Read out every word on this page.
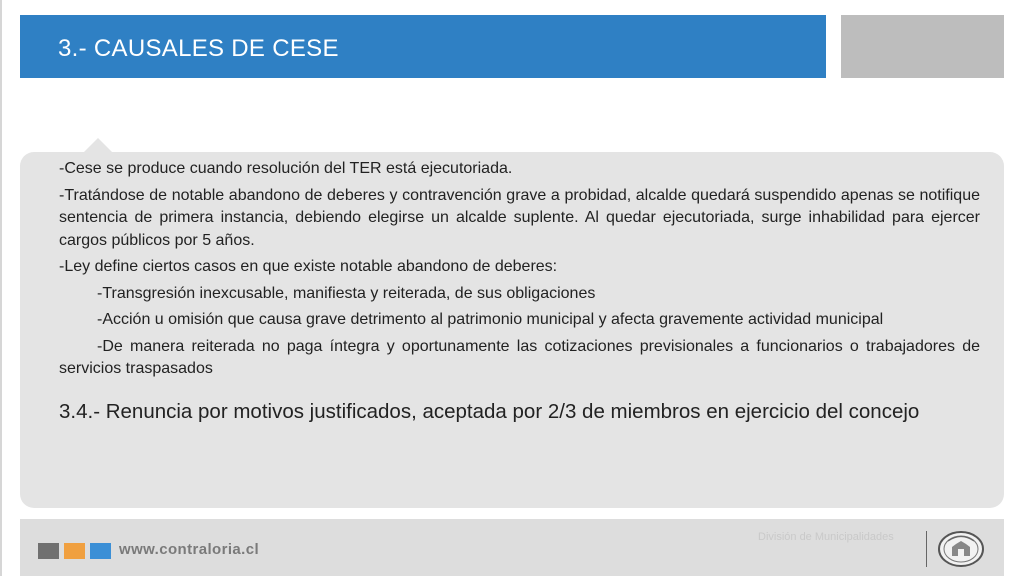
3.- CAUSALES DE CESE

-Cese se produce cuando resolución del TER está ejecutoriada.

-Tratándose de notable abandono de deberes y contravención grave a probidad, alcalde quedará suspendido apenas se notifique sentencia de primera instancia, debiendo elegirse un alcalde suplente. Al quedar ejecutoriada, surge inhabilidad para ejercer cargos públicos por 5 años.

-Ley define ciertos casos en que existe notable abandono de deberes:

-Transgresión inexcusable, manifiesta y reiterada, de sus obligaciones

-Acción u omisión que causa grave detrimento al patrimonio municipal y afecta gravemente actividad municipal

-De manera reiterada no paga íntegra y oportunamente las cotizaciones previsionales a funcionarios o trabajadores de servicios traspasados

3.4.- Renuncia por motivos justificados, aceptada por 2/3 de miembros en ejercicio del concejo

www.contraloria.cl
División de Municipalidades
